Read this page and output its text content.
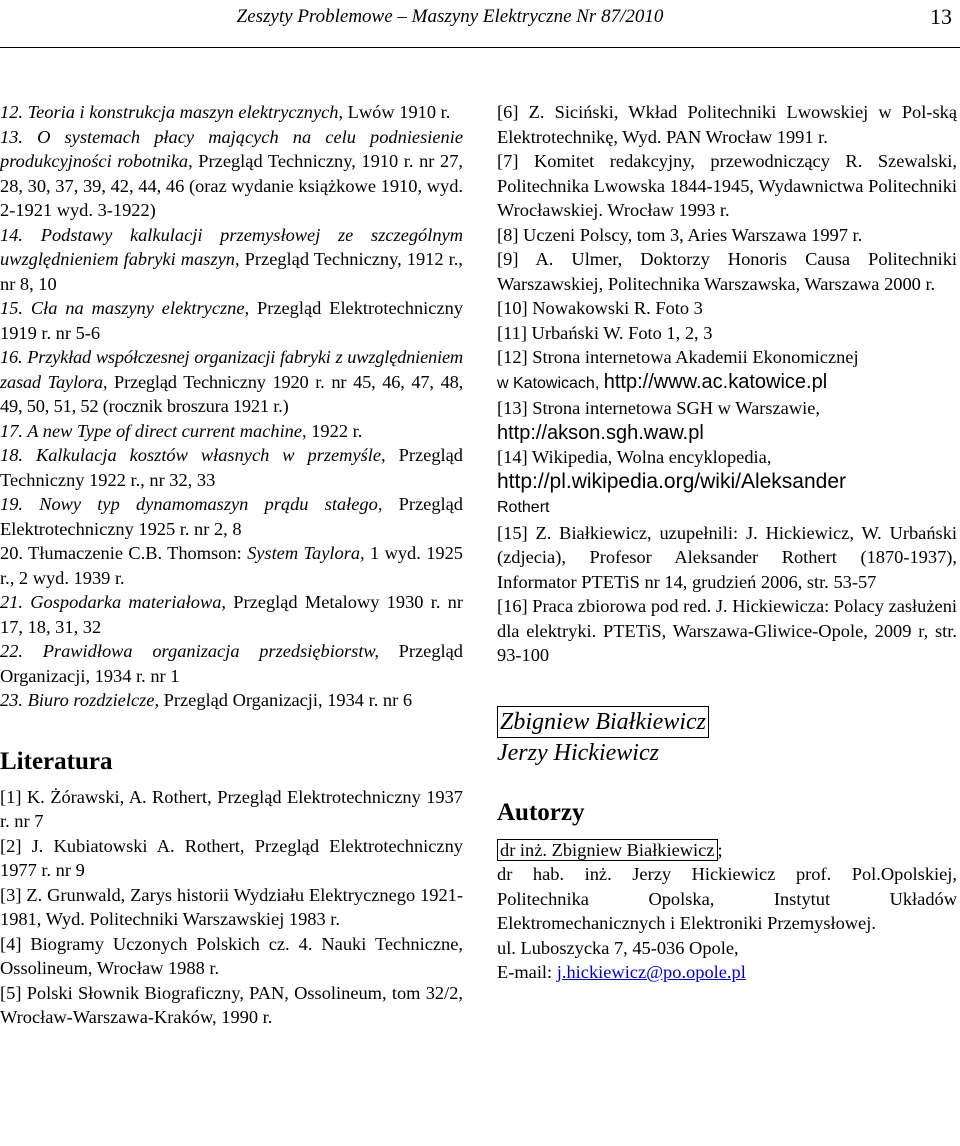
Zeszyty Problemowe – Maszyny Elektryczne Nr 87/2010	13

12. Teoria i konstrukcja maszyn elektrycznych, Lwów 1910 r.

13. O systemach płacy mających na celu podniesienie produkcyjności robotnika, Przegląd Techniczny, 1910 r. nr 27, 28, 30, 37, 39, 42, 44, 46 (oraz wydanie książkowe 1910, wyd. 2-1921 wyd. 3-1922)

14. Podstawy kalkulacji przemysłowej ze szczególnym uwzględnieniem fabryki maszyn, Przegląd Techniczny, 1912 r., nr 8, 10

15. Cła na maszyny elektryczne, Przegląd Elektrotechniczny 1919 r. nr 5-6

16. Przykład współczesnej organizacji fabryki z uwzględnieniem zasad Taylora, Przegląd Techniczny 1920 r. nr 45, 46, 47, 48, 49, 50, 51, 52 (rocznik broszura 1921 r.)

17. A new Type of direct current machine, 1922 r.

18. Kalkulacja kosztów własnych w przemyśle, Przegląd Techniczny 1922 r., nr 32, 33

19. Nowy typ dynamomaszyn prądu stałego, Przegląd Elektrotechniczny 1925 r. nr 2, 8

20. Tłumaczenie C.B. Thomson: System Taylora, 1 wyd. 1925 r., 2 wyd. 1939 r.

21. Gospodarka materiałowa, Przegląd Metalowy 1930 r. nr 17, 18, 31, 32

22. Prawidłowa organizacja przedsiębiorstw, Przegląd Organizacji, 1934 r. nr 1

23. Biuro rozdzielcze, Przegląd Organizacji, 1934 r. nr 6

Literatura

[1] K. Żórawski, A. Rothert, Przegląd Elektrotechniczny 1937 r. nr 7

[2] J. Kubiatowski A. Rothert, Przegląd Elektrotechniczny 1977 r. nr 9

[3] Z. Grunwald, Zarys historii Wydziału Elektrycznego 1921-1981, Wyd. Politechniki Warszawskiej 1983 r.

[4] Biogramy Uczonych Polskich cz. 4. Nauki Techniczne, Ossolineum, Wrocław 1988 r.

[5] Polski Słownik Biograficzny, PAN, Ossolineum, tom 32/2, Wrocław-Warszawa-Kraków, 1990 r.

[6] Z. Siciński, Wkład Politechniki Lwowskiej w Pol-ską Elektrotechnikę, Wyd. PAN Wrocław 1991 r.

[7] Komitet redakcyjny, przewodniczący R. Szewalski, Politechnika Lwowska 1844-1945, Wydawnictwa Politechniki Wrocławskiej. Wrocław 1993 r.

[8] Uczeni Polscy, tom 3, Aries Warszawa 1997 r.

[9] A. Ulmer, Doktorzy Honoris Causa Politechniki Warszawskiej, Politechnika Warszawska, Warszawa 2000 r.

[10] Nowakowski R. Foto 3

[11] Urbański W. Foto 1, 2, 3

[12] Strona internetowa Akademii Ekonomicznej
w Katowicach, http://www.ac.katowice.pl

[13] Strona internetowa SGH w Warszawie,
http://akson.sgh.waw.pl

[14] Wikipedia, Wolna encyklopedia,
http://pl.wikipedia.org/wiki/Aleksander
Rothert

[15] Z. Białkiewicz, uzupełnili: J. Hickiewicz, W. Urbański (zdjecia), Profesor Aleksander Rothert (1870-1937), Informator PTETiS nr 14, grudzień 2006, str. 53-57

[16] Praca zbiorowa pod red. J. Hickiewicza: Polacy zasłużeni dla elektryki. PTETiS, Warszawa-Gliwice-Opole, 2009 r, str. 93-100

Zbigniew Białkiewicz
Jerzy Hickiewicz
Autorzy

dr inż. Zbigniew Białkiewicz ;

dr hab. inż. Jerzy Hickiewicz prof. Pol.Opolskiej, Politechnika Opolska, Instytut Układów Elektromechanicznych i Elektroniki Przemysłowej.

ul. Luboszycka 7, 45-036 Opole,

E-mail: j.hickiewicz@po.opole.pl
